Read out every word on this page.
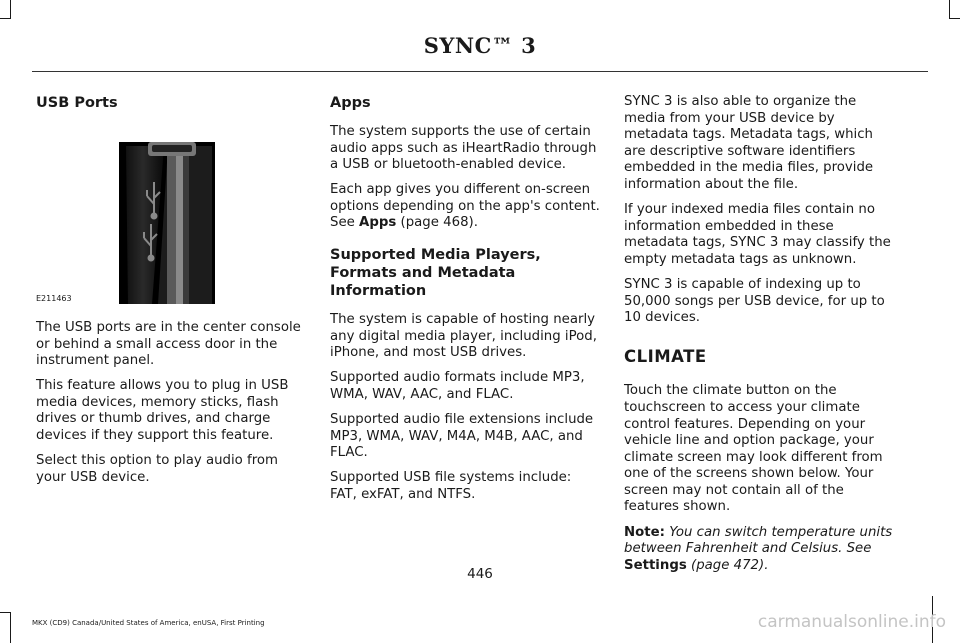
SYNC™ 3
USB Ports
E211463

The USB ports are in the center console or behind a small access door in the instrument panel.

This feature allows you to plug in USB media devices, memory sticks, flash drives or thumb drives, and charge devices if they support this feature.

Select this option to play audio from your USB device.

Apps

The system supports the use of certain audio apps such as iHeartRadio through a USB or bluetooth-enabled device.

Each app gives you different on-screen options depending on the app's content. See Apps (page 468).

Supported Media Players, Formats and Metadata Information

The system is capable of hosting nearly any digital media player, including iPod, iPhone, and most USB drives.

Supported audio formats include MP3, WMA, WAV, AAC, and FLAC.

Supported audio file extensions include MP3, WMA, WAV, M4A, M4B, AAC, and FLAC.

Supported USB file systems include: FAT, exFAT, and NTFS.

SYNC 3 is also able to organize the media from your USB device by metadata tags. Metadata tags, which are descriptive software identifiers embedded in the media files, provide information about the file.

If your indexed media files contain no information embedded in these metadata tags, SYNC 3 may classify the empty metadata tags as unknown.

SYNC 3 is capable of indexing up to 50,000 songs per USB device, for up to 10 devices.

CLIMATE

Touch the climate button on the touchscreen to access your climate control features. Depending on your vehicle line and option package, your climate screen may look different from one of the screens shown below. Your screen may not contain all of the features shown.

Note: You can switch temperature units between Fahrenheit and Celsius. See Settings (page 472).

446
MKX (CD9) Canada/United States of America, enUSA, First Printing	carmanualsonline.info
